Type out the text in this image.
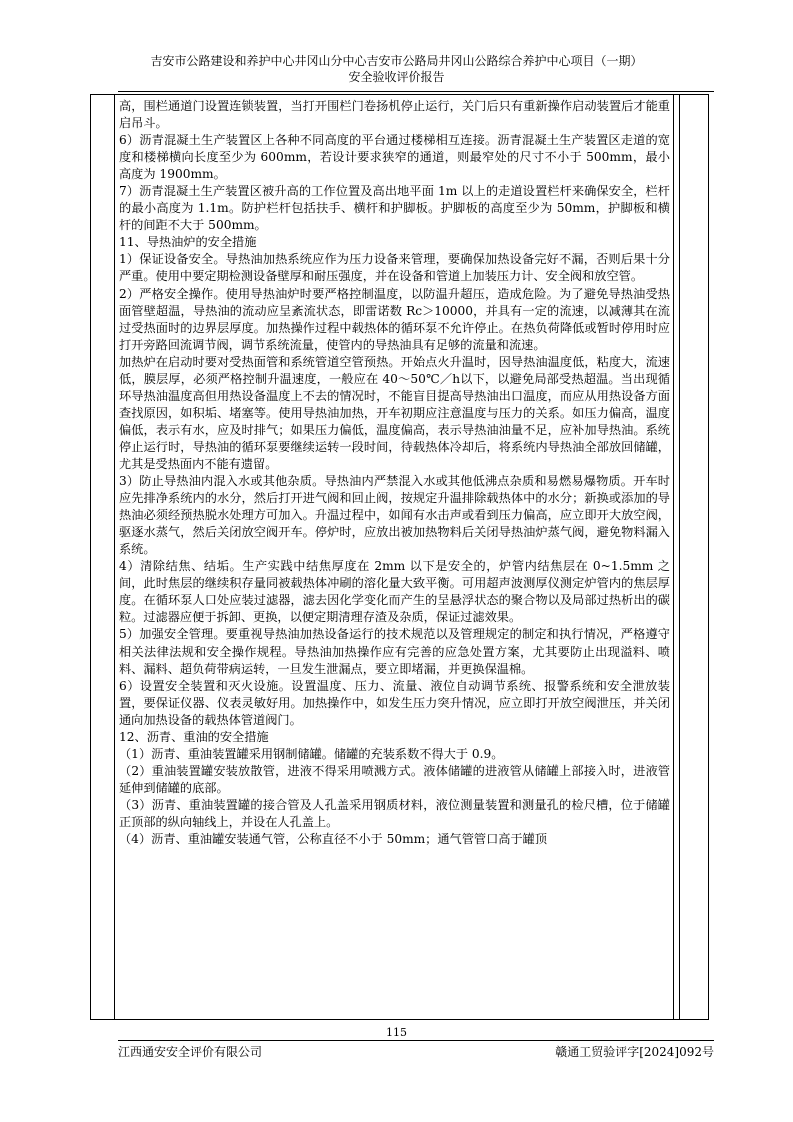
吉安市公路建设和养护中心井冈山分中心吉安市公路局井冈山公路综合养护中心项目（一期）
安全验收评价报告

高，围栏通道门设置连锁装置，当打开围栏门卷扬机停止运行，关门后只有重新操作启动装置后才能重启吊斗。

6）沥青混凝土生产装置区上各种不同高度的平台通过楼梯相互连接。沥青混凝土生产装置区走道的宽度和楼梯横向长度至少为 600mm，若设计要求狭窄的通道，则最窄处的尺寸不小于 500mm，最小高度为 1900mm。

7）沥青混凝土生产装置区被升高的工作位置及高出地平面 1m 以上的走道设置栏杆来确保安全，栏杆的最小高度为 1.1m。防护栏杆包括扶手、横杆和护脚板。护脚板的高度至少为 50mm，护脚板和横杆的间距不大于 500mm。

11、导热油炉的安全措施

1）保证设备安全。导热油加热系统应作为压力设备来管理，要确保加热设备完好不漏，否则后果十分严重。使用中要定期检测设备壁厚和耐压强度，并在设备和管道上加装压力计、安全阀和放空管。

2）严格安全操作。使用导热油炉时要严格控制温度，以防温升超压，造成危险。为了避免导热油受热面管壁超温，导热油的流动应呈紊流状态，即雷诺数 Rc＞10000，并具有一定的流速，以减薄其在流过受热面时的边界层厚度。加热操作过程中载热体的循环泵不允许停止。在热负荷降低或暂时停用时应打开旁路回流调节阀，调节系统流量，使管内的导热油具有足够的流量和流速。

加热炉在启动时要对受热面管和系统管道空管预热。开始点火升温时，因导热油温度低，粘度大，流速低，膜层厚，必须严格控制升温速度，一般应在 40～50℃／h以下，以避免局部受热超温。当出现循环导热油温度高但用热设备温度上不去的情况时，不能盲目提高导热油出口温度，而应从用热设备方面查找原因，如积垢、堵塞等。使用导热油加热，开车初期应注意温度与压力的关系。如压力偏高，温度偏低，表示有水，应及时排气；如果压力偏低，温度偏高，表示导热油油量不足，应补加导热油。系统停止运行时，导热油的循环泵要继续运转一段时间，待载热体冷却后，将系统内导热油全部放回储罐，尤其是受热面内不能有遗留。

3）防止导热油内混入水或其他杂质。导热油内严禁混入水或其他低沸点杂质和易燃易爆物质。开车时应先排净系统内的水分，然后打开进气阀和回止阀，按规定升温排除载热体中的水分；新换或添加的导热油必须经预热脱水处理方可加入。升温过程中，如闻有水击声或看到压力偏高，应立即开大放空阀，驱逐水蒸气，然后关闭放空阀开车。停炉时，应放出被加热物料后关闭导热油炉蒸气阀，避免物料漏入系统。

4）清除结焦、结垢。生产实践中结焦厚度在 2mm 以下是安全的，炉管内结焦层在 0~1.5mm 之间，此时焦层的继续积存量同被载热体冲刷的溶化量大致平衡。可用超声波测厚仪测定炉管内的焦层厚度。在循环泵人口处应装过滤器，滤去因化学变化而产生的呈悬浮状态的聚合物以及局部过热析出的碳粒。过滤器应便于拆卸、更换，以便定期清理存渣及杂质，保证过滤效果。

5）加强安全管理。要重视导热油加热设备运行的技术规范以及管理规定的制定和执行情况，严格遵守相关法律法规和安全操作规程。导热油加热操作应有完善的应急处置方案，尤其要防止出现溢料、喷料、漏料、超负荷带病运转，一旦发生泄漏点，要立即堵漏，并更换保温棉。

6）设置安全装置和灭火设施。设置温度、压力、流量、液位自动调节系统、报警系统和安全泄放装置，要保证仪器、仪表灵敏好用。加热操作中，如发生压力突升情况，应立即打开放空阀泄压，并关闭通向加热设备的载热体管道阀门。

12、沥青、重油的安全措施

（1）沥青、重油装置罐采用钢制储罐。储罐的充装系数不得大于 0.9。

（2）重油装置罐安装放散管，进液不得采用喷溅方式。液体储罐的进液管从储罐上部接入时，进液管延伸到储罐的底部。

（3）沥青、重油装置罐的接合管及人孔盖采用钢质材料，液位测量装置和测量孔的检尺槽，位于储罐正顶部的纵向轴线上，并设在人孔盖上。

（4）沥青、重油罐安装通气管，公称直径不小于 50mm；通气管管口高于罐顶

115
江西通安安全评价有限公司	赣通工贸验评字[2024]092号
